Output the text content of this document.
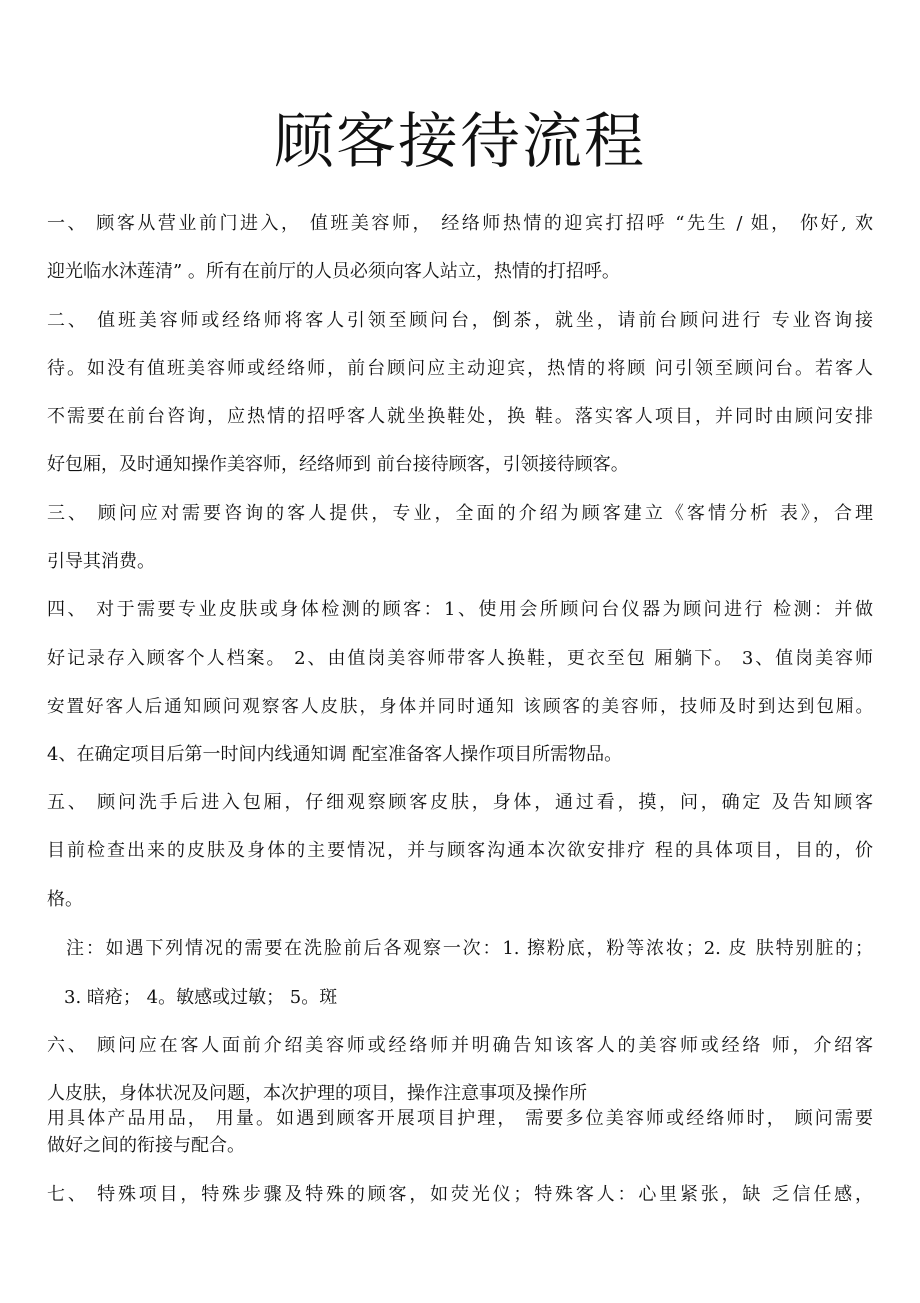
顾客接待流程

一、 顾客从营业前门进入， 值班美容师， 经络师热情的迎宾打招呼 “先生 / 姐， 你好, 欢

迎光临水沐莲清” 。所有在前厅的人员必须向客人站立，热情的打招呼。

二、 值班美容师或经络师将客人引领至顾问台，倒茶，就坐，请前台顾问进行 专业咨询接

待。如没有值班美容师或经络师，前台顾问应主动迎宾，热情的将顾 问引领至顾问台。若客人

不需要在前台咨询，应热情的招呼客人就坐换鞋处，换 鞋。落实客人项目，并同时由顾问安排

好包厢，及时通知操作美容师，经络师到 前台接待顾客，引领接待顾客。

三、 顾问应对需要咨询的客人提供，专业，全面的介绍为顾客建立《客情分析 表》，合理

引导其消费。

四、 对于需要专业皮肤或身体检测的顾客：1、使用会所顾问台仪器为顾问进行 检测：并做

好记录存入顾客个人档案。 2、由值岗美容师带客人换鞋，更衣至包 厢躺下。 3、值岗美容师

安置好客人后通知顾问观察客人皮肤，身体并同时通知 该顾客的美容师，技师及时到达到包厢。

4、在确定项目后第一时间内线通知调 配室准备客人操作项目所需物品。

五、 顾问洗手后进入包厢，仔细观察顾客皮肤，身体，通过看，摸，问，确定 及告知顾客

目前检查出来的皮肤及身体的主要情况，并与顾客沟通本次欲安排疗 程的具体项目，目的，价

格。

注：如遇下列情况的需要在洗脸前后各观察一次：1. 擦粉底，粉等浓妆；2. 皮 肤特别脏的；

3. 暗疮； 4。敏感或过敏； 5。斑

六、 顾问应在客人面前介绍美容师或经络师并明确告知该客人的美容师或经络 师，介绍客

人皮肤，身体状况及问题，本次护理的项目，操作注意事项及操作所

用具体产品用品， 用量。如遇到顾客开展项目护理， 需要多位美容师或经络师时， 顾问需要

做好之间的衔接与配合。

七、 特殊项目，特殊步骤及特殊的顾客，如荧光仪；特殊客人：心里紧张，缺 乏信任感，
